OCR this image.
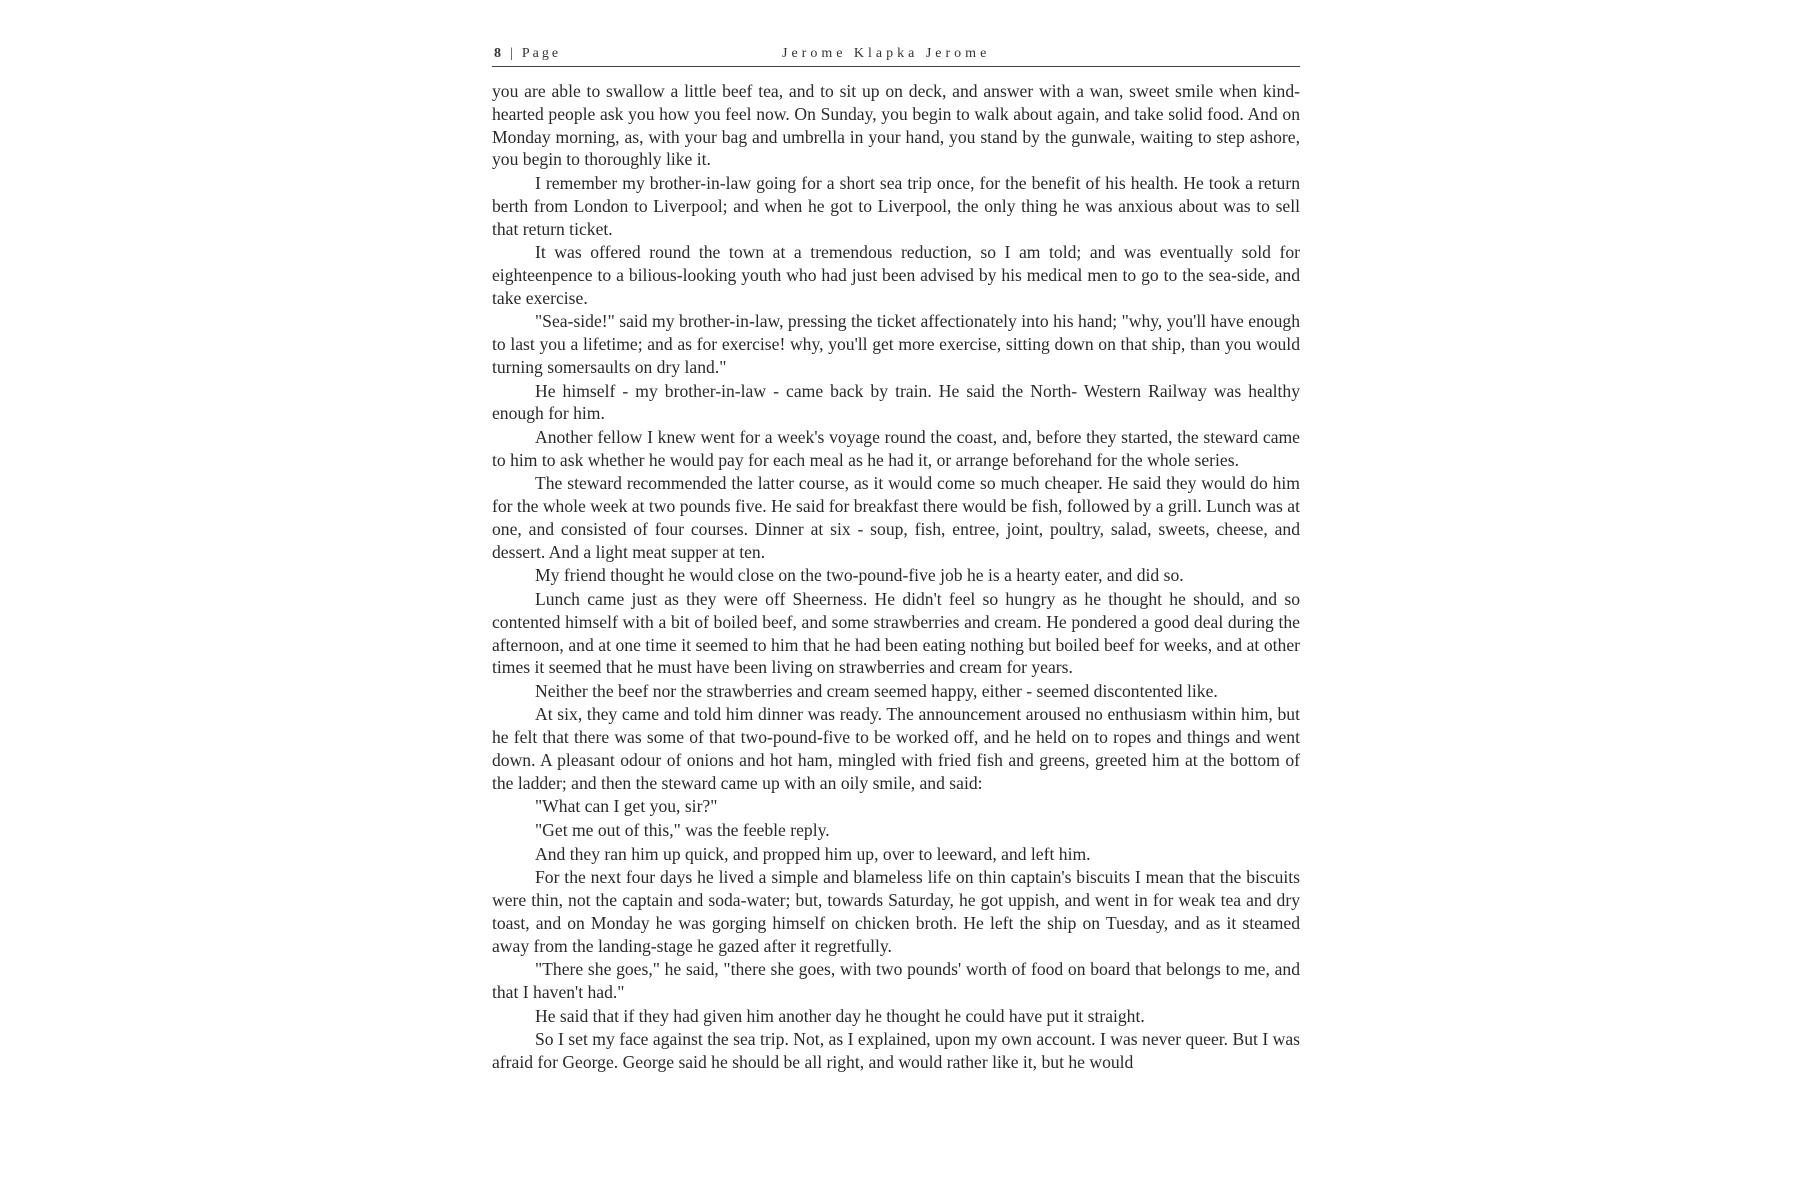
8 | Page	Jerome Klapka Jerome

you are able to swallow a little beef tea, and to sit up on deck, and answer with a wan, sweet smile when kind-hearted people ask you how you feel now. On Sunday, you begin to walk about again, and take solid food. And on Monday morning, as, with your bag and umbrella in your hand, you stand by the gunwale, waiting to step ashore, you begin to thoroughly like it.

I remember my brother-in-law going for a short sea trip once, for the benefit of his health. He took a return berth from London to Liverpool; and when he got to Liverpool, the only thing he was anxious about was to sell that return ticket.

It was offered round the town at a tremendous reduction, so I am told; and was eventually sold for eighteenpence to a bilious-looking youth who had just been advised by his medical men to go to the sea-side, and take exercise.

"Sea-side!" said my brother-in-law, pressing the ticket affectionately into his hand; "why, you'll have enough to last you a lifetime; and as for exercise! why, you'll get more exercise, sitting down on that ship, than you would turning somersaults on dry land."

He himself - my brother-in-law - came back by train. He said the North- Western Railway was healthy enough for him.

Another fellow I knew went for a week's voyage round the coast, and, before they started, the steward came to him to ask whether he would pay for each meal as he had it, or arrange beforehand for the whole series.

The steward recommended the latter course, as it would come so much cheaper. He said they would do him for the whole week at two pounds five. He said for breakfast there would be fish, followed by a grill. Lunch was at one, and consisted of four courses. Dinner at six - soup, fish, entree, joint, poultry, salad, sweets, cheese, and dessert. And a light meat supper at ten.

My friend thought he would close on the two-pound-five job he is a hearty eater, and did so.

Lunch came just as they were off Sheerness. He didn't feel so hungry as he thought he should, and so contented himself with a bit of boiled beef, and some strawberries and cream. He pondered a good deal during the afternoon, and at one time it seemed to him that he had been eating nothing but boiled beef for weeks, and at other times it seemed that he must have been living on strawberries and cream for years.

Neither the beef nor the strawberries and cream seemed happy, either - seemed discontented like.

At six, they came and told him dinner was ready. The announcement aroused no enthusiasm within him, but he felt that there was some of that two-pound-five to be worked off, and he held on to ropes and things and went down. A pleasant odour of onions and hot ham, mingled with fried fish and greens, greeted him at the bottom of the ladder; and then the steward came up with an oily smile, and said:

"What can I get you, sir?"

"Get me out of this," was the feeble reply.

And they ran him up quick, and propped him up, over to leeward, and left him.

For the next four days he lived a simple and blameless life on thin captain's biscuits I mean that the biscuits were thin, not the captain and soda-water; but, towards Saturday, he got uppish, and went in for weak tea and dry toast, and on Monday he was gorging himself on chicken broth. He left the ship on Tuesday, and as it steamed away from the landing-stage he gazed after it regretfully.

"There she goes," he said, "there she goes, with two pounds' worth of food on board that belongs to me, and that I haven't had."

He said that if they had given him another day he thought he could have put it straight.

So I set my face against the sea trip. Not, as I explained, upon my own account. I was never queer. But I was afraid for George. George said he should be all right, and would rather like it, but he would
